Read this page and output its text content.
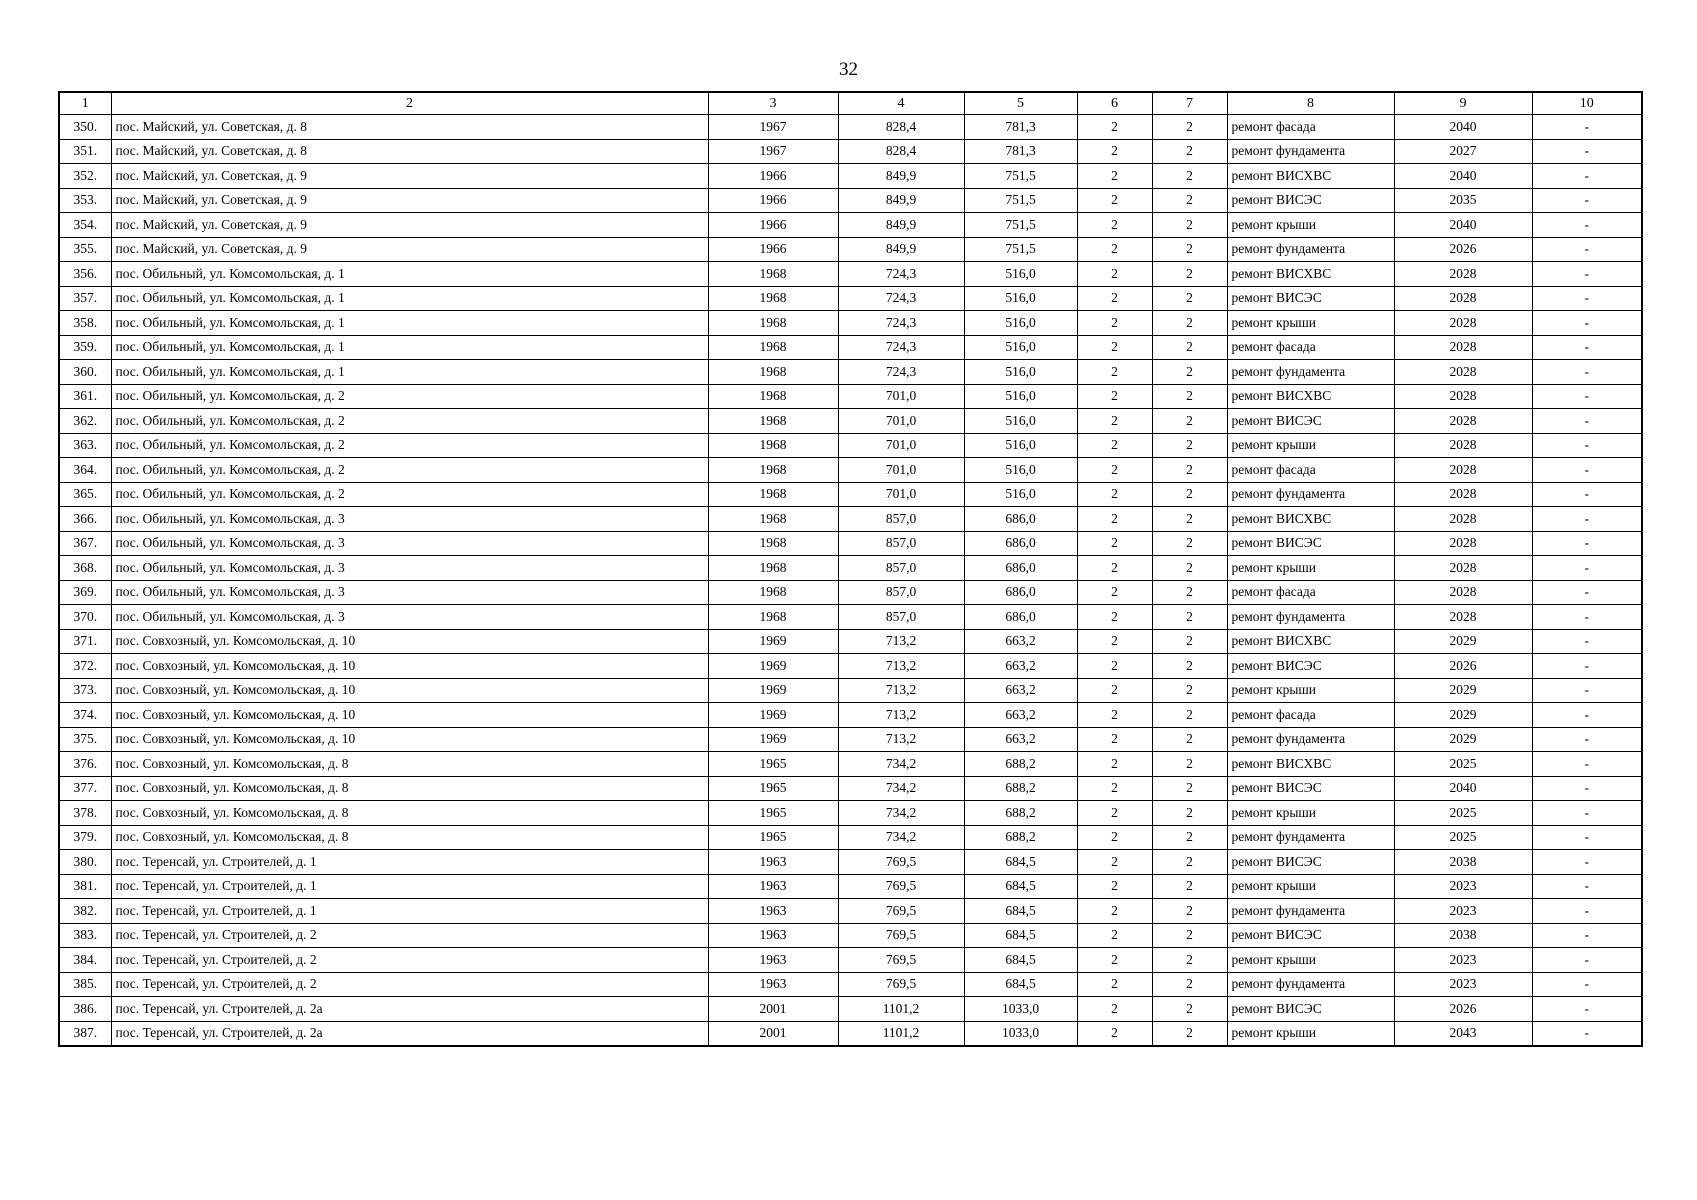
32
1	2	3	4	5	6	7	8	9	10
350.	пос. Майский, ул. Советская, д. 8	1967	828,4	781,3	2	2	ремонт фасада	2040	-
351.	пос. Майский, ул. Советская, д. 8	1967	828,4	781,3	2	2	ремонт фундамента	2027	-
352.	пос. Майский, ул. Советская, д. 9	1966	849,9	751,5	2	2	ремонт ВИСХВС	2040	-
353.	пос. Майский, ул. Советская, д. 9	1966	849,9	751,5	2	2	ремонт ВИСЭС	2035	-
354.	пос. Майский, ул. Советская, д. 9	1966	849,9	751,5	2	2	ремонт крыши	2040	-
355.	пос. Майский, ул. Советская, д. 9	1966	849,9	751,5	2	2	ремонт фундамента	2026	-
356.	пос. Обильный, ул. Комсомольская, д. 1	1968	724,3	516,0	2	2	ремонт ВИСХВС	2028	-
357.	пос. Обильный, ул. Комсомольская, д. 1	1968	724,3	516,0	2	2	ремонт ВИСЭС	2028	-
358.	пос. Обильный, ул. Комсомольская, д. 1	1968	724,3	516,0	2	2	ремонт крыши	2028	-
359.	пос. Обильный, ул. Комсомольская, д. 1	1968	724,3	516,0	2	2	ремонт фасада	2028	-
360.	пос. Обильный, ул. Комсомольская, д. 1	1968	724,3	516,0	2	2	ремонт фундамента	2028	-
361.	пос. Обильный, ул. Комсомольская, д. 2	1968	701,0	516,0	2	2	ремонт ВИСХВС	2028	-
362.	пос. Обильный, ул. Комсомольская, д. 2	1968	701,0	516,0	2	2	ремонт ВИСЭС	2028	-
363.	пос. Обильный, ул. Комсомольская, д. 2	1968	701,0	516,0	2	2	ремонт крыши	2028	-
364.	пос. Обильный, ул. Комсомольская, д. 2	1968	701,0	516,0	2	2	ремонт фасада	2028	-
365.	пос. Обильный, ул. Комсомольская, д. 2	1968	701,0	516,0	2	2	ремонт фундамента	2028	-
366.	пос. Обильный, ул. Комсомольская, д. 3	1968	857,0	686,0	2	2	ремонт ВИСХВС	2028	-
367.	пос. Обильный, ул. Комсомольская, д. 3	1968	857,0	686,0	2	2	ремонт ВИСЭС	2028	-
368.	пос. Обильный, ул. Комсомольская, д. 3	1968	857,0	686,0	2	2	ремонт крыши	2028	-
369.	пос. Обильный, ул. Комсомольская, д. 3	1968	857,0	686,0	2	2	ремонт фасада	2028	-
370.	пос. Обильный, ул. Комсомольская, д. 3	1968	857,0	686,0	2	2	ремонт фундамента	2028	-
371.	пос. Совхозный, ул. Комсомольская, д. 10	1969	713,2	663,2	2	2	ремонт ВИСХВС	2029	-
372.	пос. Совхозный, ул. Комсомольская, д. 10	1969	713,2	663,2	2	2	ремонт ВИСЭС	2026	-
373.	пос. Совхозный, ул. Комсомольская, д. 10	1969	713,2	663,2	2	2	ремонт крыши	2029	-
374.	пос. Совхозный, ул. Комсомольская, д. 10	1969	713,2	663,2	2	2	ремонт фасада	2029	-
375.	пос. Совхозный, ул. Комсомольская, д. 10	1969	713,2	663,2	2	2	ремонт фундамента	2029	-
376.	пос. Совхозный, ул. Комсомольская, д. 8	1965	734,2	688,2	2	2	ремонт ВИСХВС	2025	-
377.	пос. Совхозный, ул. Комсомольская, д. 8	1965	734,2	688,2	2	2	ремонт ВИСЭС	2040	-
378.	пос. Совхозный, ул. Комсомольская, д. 8	1965	734,2	688,2	2	2	ремонт крыши	2025	-
379.	пос. Совхозный, ул. Комсомольская, д. 8	1965	734,2	688,2	2	2	ремонт фундамента	2025	-
380.	пос. Теренсай, ул. Строителей, д. 1	1963	769,5	684,5	2	2	ремонт ВИСЭС	2038	-
381.	пос. Теренсай, ул. Строителей, д. 1	1963	769,5	684,5	2	2	ремонт крыши	2023	-
382.	пос. Теренсай, ул. Строителей, д. 1	1963	769,5	684,5	2	2	ремонт фундамента	2023	-
383.	пос. Теренсай, ул. Строителей, д. 2	1963	769,5	684,5	2	2	ремонт ВИСЭС	2038	-
384.	пос. Теренсай, ул. Строителей, д. 2	1963	769,5	684,5	2	2	ремонт крыши	2023	-
385.	пос. Теренсай, ул. Строителей, д. 2	1963	769,5	684,5	2	2	ремонт фундамента	2023	-
386.	пос. Теренсай, ул. Строителей, д. 2а	2001	1101,2	1033,0	2	2	ремонт ВИСЭС	2026	-
387.	пос. Теренсай, ул. Строителей, д. 2а	2001	1101,2	1033,0	2	2	ремонт крыши	2043	-
